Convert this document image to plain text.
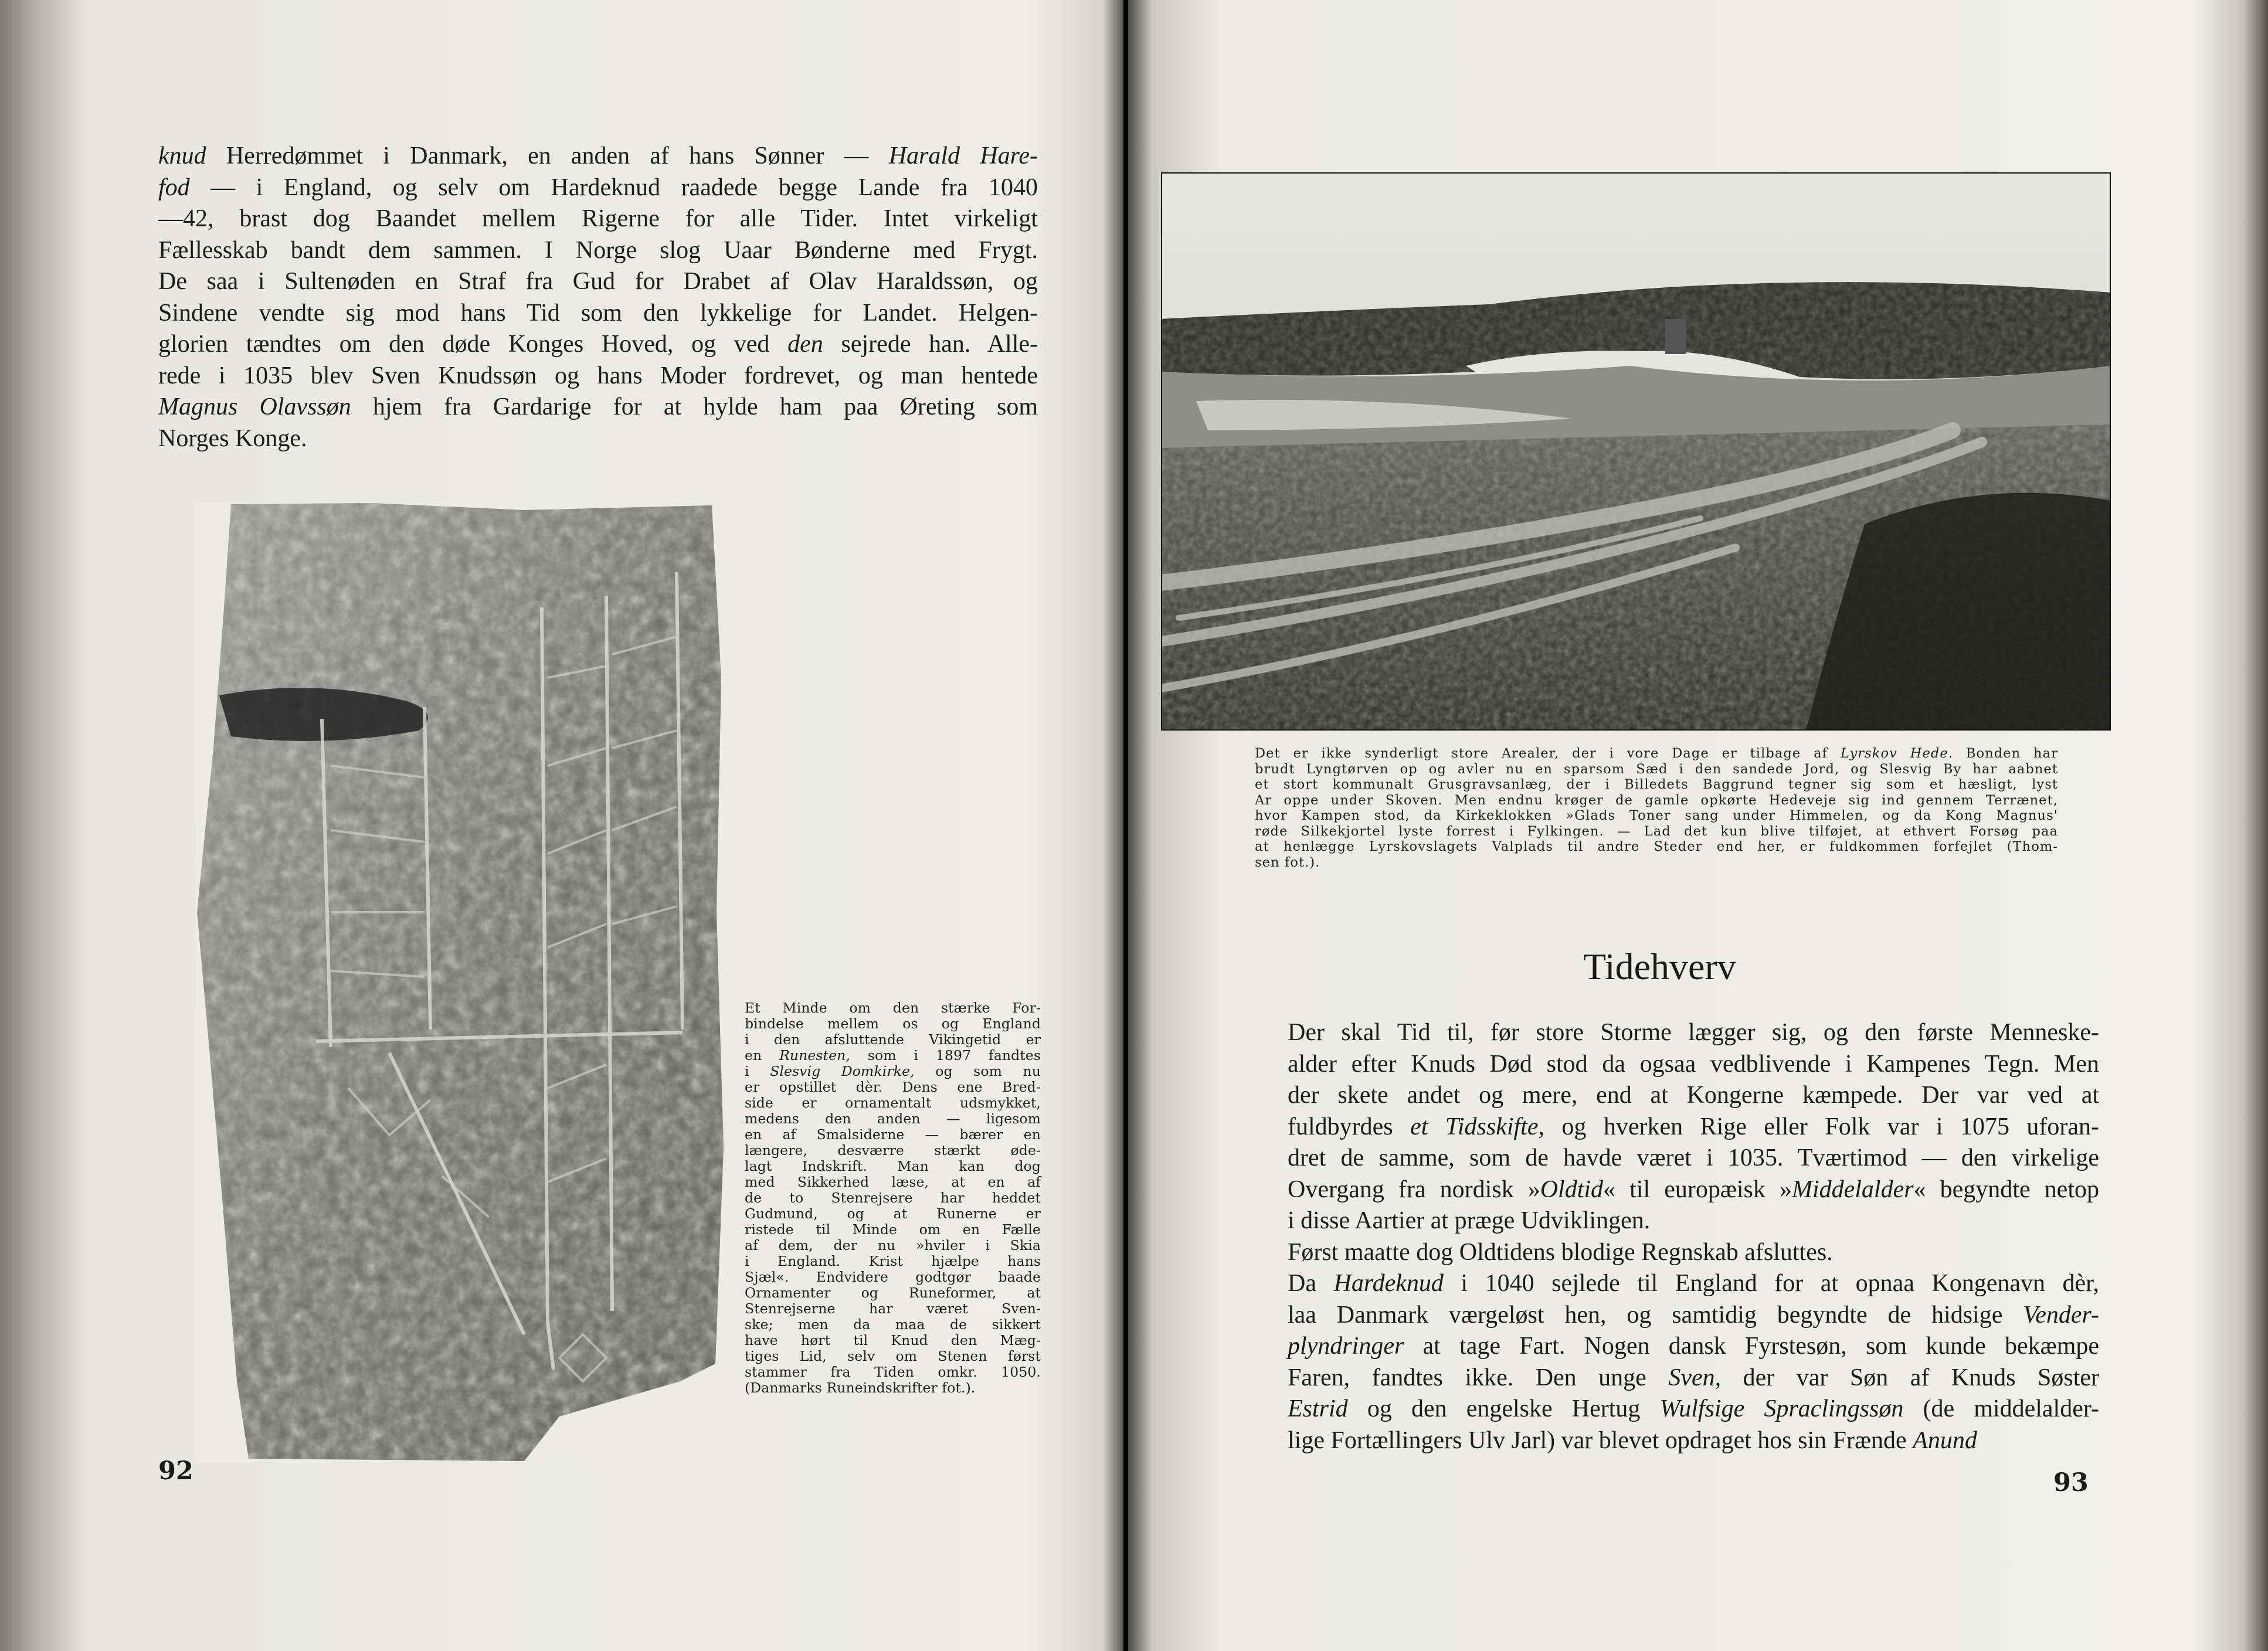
knud Herredømmet i Danmark, en anden af hans Sønner — Harald Hare-
fod — i England, og selv om Hardeknud raadede begge Lande fra 1040
—42, brast dog Baandet mellem Rigerne for alle Tider. Intet virkeligt
Fællesskab bandt dem sammen. I Norge slog Uaar Bønderne med Frygt.
De saa i Sultenøden en Straf fra Gud for Drabet af Olav Haraldssøn, og
Sindene vendte sig mod hans Tid som den lykkelige for Landet. Helgen-
glorien tændtes om den døde Konges Hoved, og ved den sejrede han. Alle-
rede i 1035 blev Sven Knudssøn og hans Moder fordrevet, og man hentede
Magnus Olavssøn hjem fra Gardarige for at hylde ham paa Øreting som
Norges Konge.
Et Minde om den stærke For-
bindelse mellem os og England
i den afsluttende Vikingetid er
en Runesten, som i 1897 fandtes
i Slesvig Domkirke, og som nu
er opstillet dèr. Dens ene Bred-
side er ornamentalt udsmykket,
medens den anden — ligesom
en af Smalsiderne — bærer en
længere, desværre stærkt øde-
lagt Indskrift. Man kan dog
med Sikkerhed læse, at en af
de to Stenrejsere har heddet
Gudmund, og at Runerne er
ristede til Minde om en Fælle
af dem, der nu »hviler i Skia
i England. Krist hjælpe hans
Sjæl«. Endvidere godtgør baade
Ornamenter og Runeformer, at
Stenrejserne har været Sven-
ske; men da maa de sikkert
have hørt til Knud den Mæg-
tiges Lid, selv om Stenen først
stammer fra Tiden omkr. 1050.
(Danmarks Runeindskrifter fot.).
92
Det er ikke synderligt store Arealer, der i vore Dage er tilbage af Lyrskov Hede. Bonden har
brudt Lyngtørven op og avler nu en sparsom Sæd i den sandede Jord, og Slesvig By har aabnet
et stort kommunalt Grusgravsanlæg, der i Billedets Baggrund tegner sig som et hæsligt, lyst
Ar oppe under Skoven. Men endnu krøger de gamle opkørte Hedeveje sig ind gennem Terrænet,
hvor Kampen stod, da Kirkeklokken »Glads Toner sang under Himmelen, og da Kong Magnus'
røde Silkekjortel lyste forrest i Fylkingen. — Lad det kun blive tilføjet, at ethvert Forsøg paa
at henlægge Lyrskovslagets Valplads til andre Steder end her, er fuldkommen forfejlet (Thom-
sen fot.).
Tidehverv

Der skal Tid til, før store Storme lægger sig, og den første Menneske-
alder efter Knuds Død stod da ogsaa vedblivende i Kampenes Tegn. Men
der skete andet og mere, end at Kongerne kæmpede. Der var ved at
fuldbyrdes et Tidsskifte, og hverken Rige eller Folk var i 1075 uforan-
dret de samme, som de havde været i 1035. Tværtimod — den virkelige
Overgang fra nordisk »Oldtid« til europæisk »Middelalder« begyndte netop
i disse Aartier at præge Udviklingen.

Først maatte dog Oldtidens blodige Regnskab afsluttes.

Da Hardeknud i 1040 sejlede til England for at opnaa Kongenavn dèr,
laa Danmark værgeløst hen, og samtidig begyndte de hidsige Vender-
plyndringer at tage Fart. Nogen dansk Fyrstesøn, som kunde bekæmpe
Faren, fandtes ikke. Den unge Sven, der var Søn af Knuds Søster
Estrid og den engelske Hertug Wulfsige Spraclingssøn (de middelalder-
lige Fortællingers Ulv Jarl) var blevet opdraget hos sin Frænde Anund

93
